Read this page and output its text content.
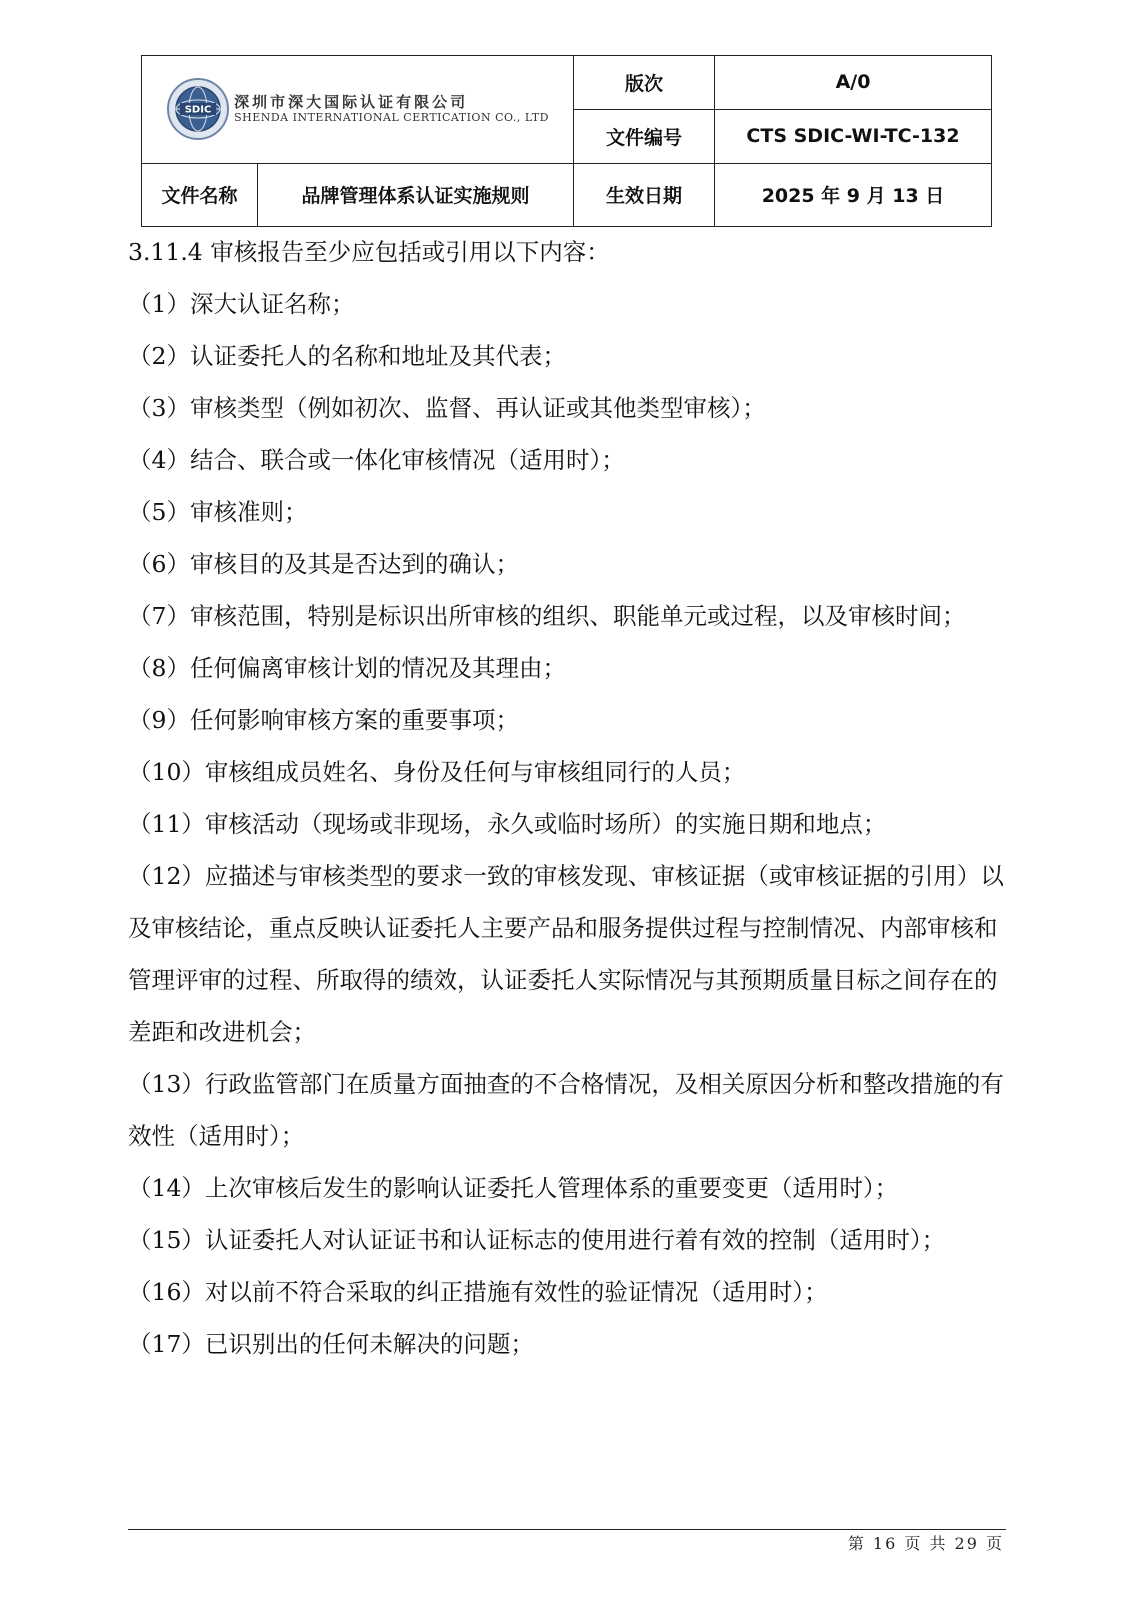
SDIC 深圳市深大国际认证有限公司
SHENDA INTERNATIONAL CERTICATION CO., LTD		版次	A/0
		文件编号	CTS SDIC-WI-TC-132
文件名称	品牌管理体系认证实施规则	生效日期	2025 年 9 月 13 日

3.11.4 审核报告至少应包括或引用以下内容：

（1）深大认证名称；

（2）认证委托人的名称和地址及其代表；

（3）审核类型（例如初次、监督、再认证或其他类型审核）；

（4）结合、联合或一体化审核情况（适用时）；

（5）审核准则；

（6）审核目的及其是否达到的确认；

（7）审核范围，特别是标识出所审核的组织、职能单元或过程，以及审核时间；

（8）任何偏离审核计划的情况及其理由；

（9）任何影响审核方案的重要事项；

（10）审核组成员姓名、身份及任何与审核组同行的人员；

（11）审核活动（现场或非现场，永久或临时场所）的实施日期和地点；

（12）应描述与审核类型的要求一致的审核发现、审核证据（或审核证据的引用）以及审核结论，重点反映认证委托人主要产品和服务提供过程与控制情况、内部审核和管理评审的过程、所取得的绩效，认证委托人实际情况与其预期质量目标之间存在的差距和改进机会；

（13）行政监管部门在质量方面抽查的不合格情况，及相关原因分析和整改措施的有效性（适用时）；

（14）上次审核后发生的影响认证委托人管理体系的重要变更（适用时）；

（15）认证委托人对认证证书和认证标志的使用进行着有效的控制（适用时）；

（16）对以前不符合采取的纠正措施有效性的验证情况（适用时）；

（17）已识别出的任何未解决的问题；

第 16 页 共 29 页
